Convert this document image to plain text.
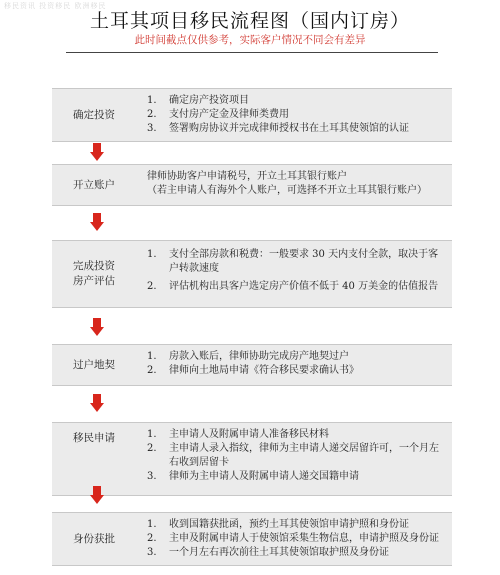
移民资讯 投资移民 欧洲移民
土耳其项目移民流程图（国内订房）
此时间截点仅供参考，实际客户情况不同会有差异
确定投资
1.	确定房产投资项目
2.	支付房产定金及律师类费用
3.	签署购房协议并完成律师授权书在土耳其使领馆的认证
开立账户

律师协助客户申请税号，开立土耳其银行账户

（若主申请人有海外个人账户，可选择不开立土耳其银行账户）

完成投资
房产评估
1.	支付全部房款和税费：一般要求 30 天内支付全款，取决于客户转款速度
2.	评估机构出具客户选定房产价值不低于 40 万美金的估值报告
过户地契
1.	房款入账后，律师协助完成房产地契过户
2.	律师向土地局申请《符合移民要求确认书》
移民申请	1.	主申请人及附属申请人准备移民材料
2.	主申请人录入指纹，律师为主申请人递交居留许可，一个月左右收到居留卡
3.	律师为主申请人及附属申请人递交国籍申请
身份获批
1.	收到国籍获批函，预约土耳其使领馆申请护照和身份证
2.	主申及附属申请人于使领馆采集生物信息，申请护照及身份证
3.	一个月左右再次前往土耳其使领馆取护照及身份证
